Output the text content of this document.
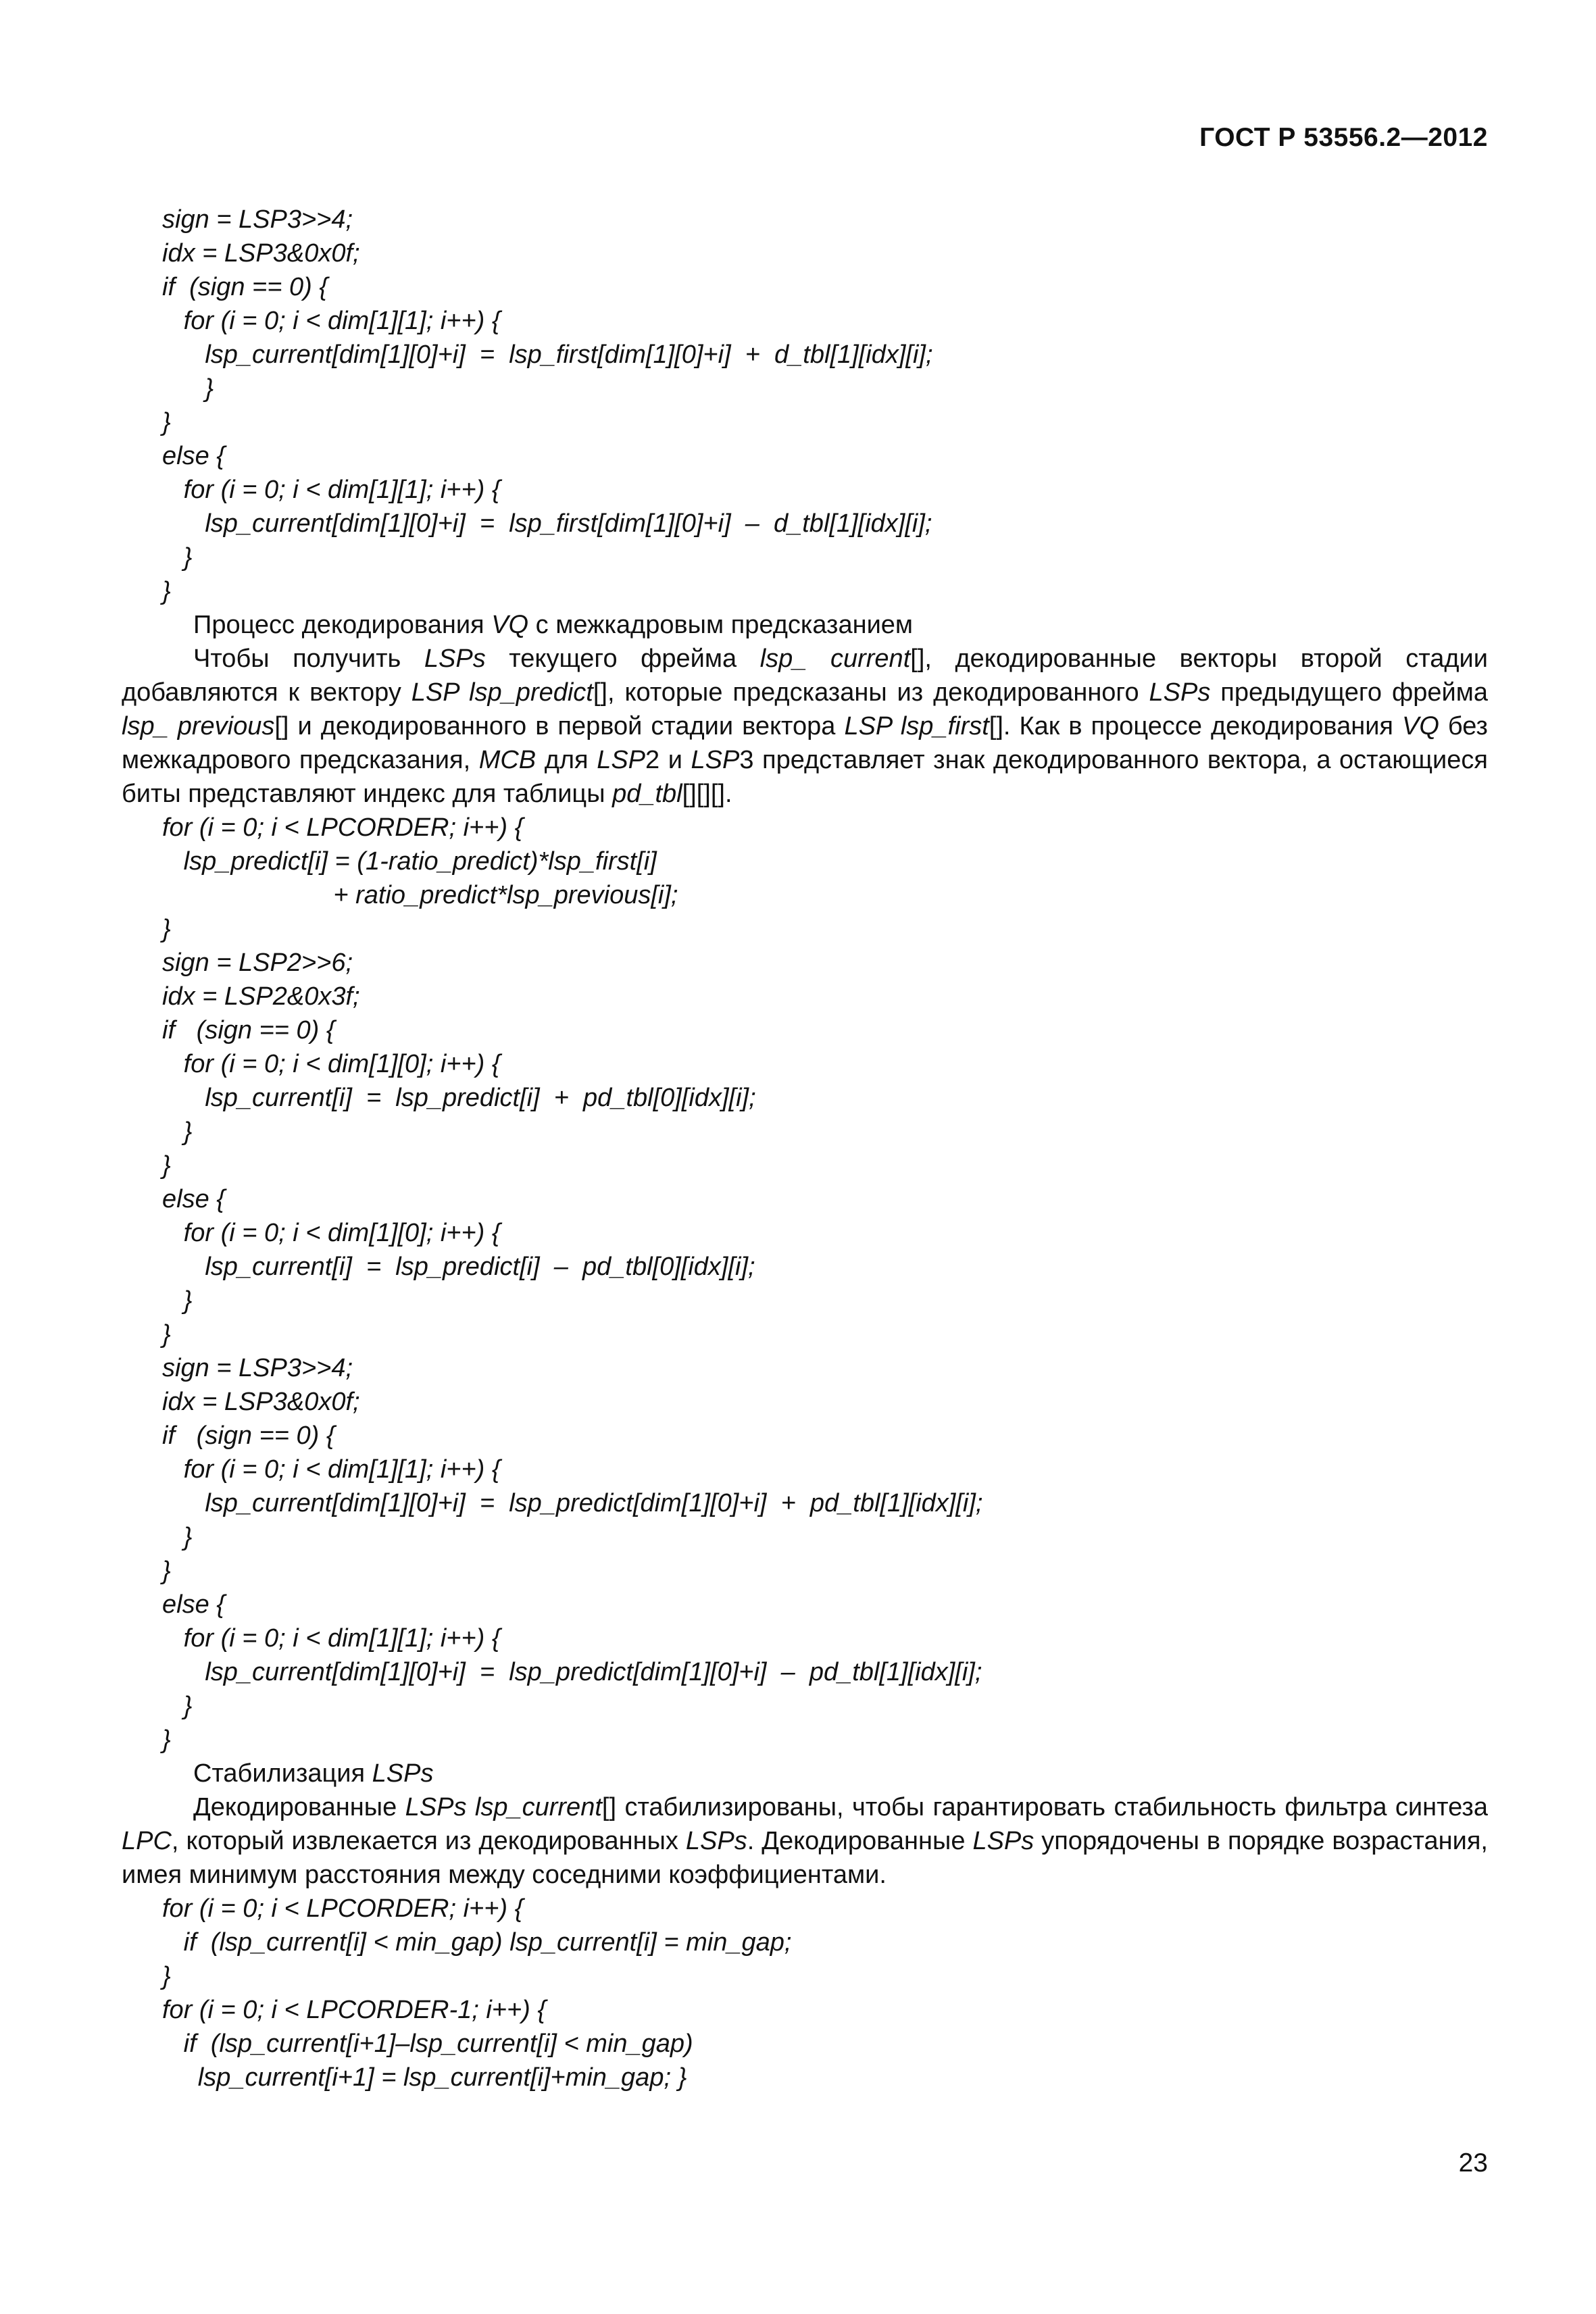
ГОСТ Р 53556.2—2012
sign = LSP3>>4;
idx = LSP3&0x0f;
if  (sign == 0) {
for (i = 0; i < dim[1][1]; i++) {
lsp_current[dim[1][0]+i]  =  lsp_first[dim[1][0]+i]  +  d_tbl[1][idx][i];
}
}
else {
for (i = 0; i < dim[1][1]; i++) {
lsp_current[dim[1][0]+i]  =  lsp_first[dim[1][0]+i]  –  d_tbl[1][idx][i];
}
}
Процесс декодирования VQ с межкадровым предсказанием

Чтобы получить LSPs текущего фрейма lsp_ current[], декодированные векторы второй стадии добавляются к вектору LSP lsp_predict[], которые предсказаны из декодированного LSPs предыдущего фрейма lsp_ previous[] и декодированного в первой стадии вектора LSP lsp_first[]. Как в процессе декодирования VQ без межкадрового предсказания, MCB для LSP2 и LSP3 представляет знак декодированного вектора, а остающиеся биты представляют индекс для таблицы pd_tbl[][][].

for (i = 0; i < LPCORDER; i++) {
lsp_predict[i] = (1-ratio_predict)*lsp_first[i]
+ ratio_predict*lsp_previous[i];
}
sign = LSP2>>6;
idx = LSP2&0x3f;
if   (sign == 0) {
for (i = 0; i < dim[1][0]; i++) {
lsp_current[i]  =  lsp_predict[i]  +  pd_tbl[0][idx][i];
}
}
else {
for (i = 0; i < dim[1][0]; i++) {
lsp_current[i]  =  lsp_predict[i]  –  pd_tbl[0][idx][i];
}
}
sign = LSP3>>4;
idx = LSP3&0x0f;
if   (sign == 0) {
for (i = 0; i < dim[1][1]; i++) {
lsp_current[dim[1][0]+i]  =  lsp_predict[dim[1][0]+i]  +  pd_tbl[1][idx][i];
}
}
else {
for (i = 0; i < dim[1][1]; i++) {
lsp_current[dim[1][0]+i]  =  lsp_predict[dim[1][0]+i]  –  pd_tbl[1][idx][i];
}
}
Стабилизация LSPs

Декодированные LSPs lsp_current[] стабилизированы, чтобы гарантировать стабильность фильтра синтеза LPC, который извлекается из декодированных LSPs. Декодированные LSPs упорядочены в порядке возрастания, имея минимум расстояния между соседними коэффициентами.

for (i = 0; i < LPCORDER; i++) {
if  (lsp_current[i] < min_gap) lsp_current[i] = min_gap;
}
for (i = 0; i < LPCORDER-1; i++) {
if  (lsp_current[i+1]–lsp_current[i] < min_gap)
lsp_current[i+1] = lsp_current[i]+min_gap; }
23
